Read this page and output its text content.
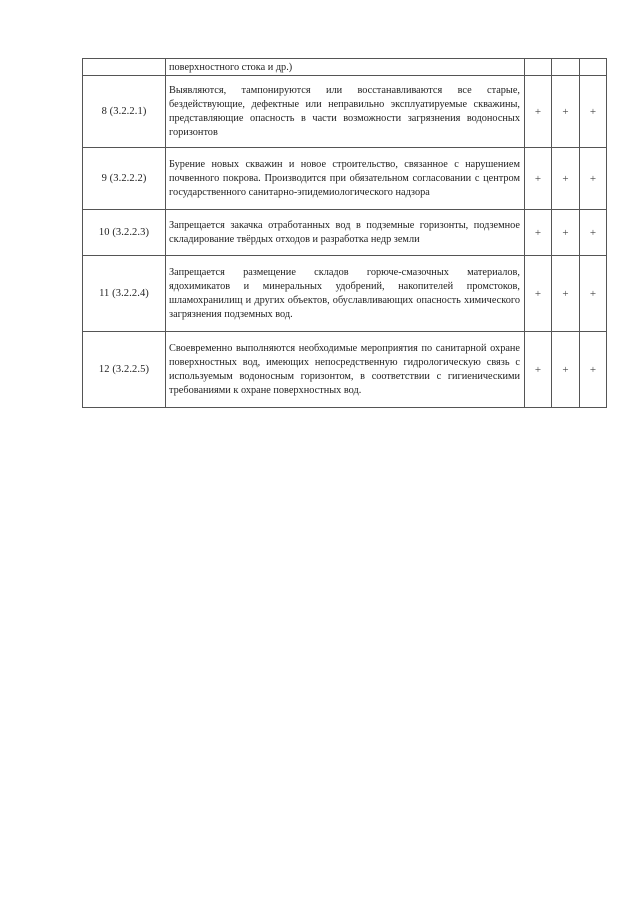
	поверхностного стока и др.)			
8 (3.2.2.1)	Выявляются, тампонируются или восстанавливаются все старые, бездействующие, дефектные или неправильно эксплуатируемые скважины, представляющие опасность в части возможности загрязнения водоносных горизонтов	+	+	+
9 (3.2.2.2)	Бурение новых скважин и новое строительство, связанное с нарушением почвенного покрова. Производится при обязательном согласовании с центром государственного санитарно-эпидемиологического надзора	+	+	+
10 (3.2.2.3)	Запрещается закачка отработанных вод в подземные горизонты, подземное складирование твёрдых отходов и разработка недр земли	+	+	+
11 (3.2.2.4)	Запрещается размещение складов горюче-смазочных материалов, ядохимикатов и минеральных удобрений, накопителей промстоков, шламохранилищ и других объектов, обуславливающих опасность химического загрязнения подземных вод.	+	+	+
12 (3.2.2.5)	Своевременно выполняются необходимые мероприятия по санитарной охране поверхностных вод, имеющих непосредственную гидрологическую связь с используемым водоносным горизонтом, в соответствии с гигиеническими требованиями к охране поверхностных вод.	+	+	+
